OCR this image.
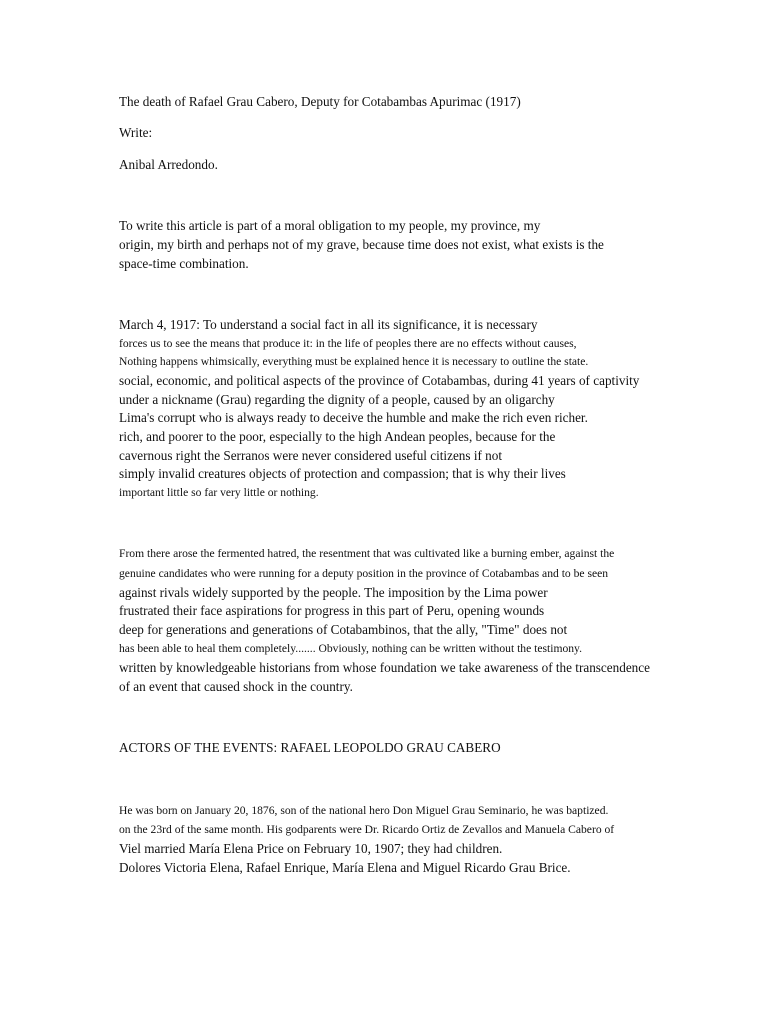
The death of Rafael Grau Cabero, Deputy for Cotabambas Apurimac (1917)
Write:
Anibal Arredondo.
To write this article is part of a moral obligation to my people, my province, my
origin, my birth and perhaps not of my grave, because time does not exist, what exists is the
space-time combination.
March 4, 1917: To understand a social fact in all its significance, it is necessary
forces us to see the means that produce it: in the life of peoples there are no effects without causes,
Nothing happens whimsically, everything must be explained hence it is necessary to outline the state.
social, economic, and political aspects of the province of Cotabambas, during 41 years of captivity
under a nickname (Grau) regarding the dignity of a people, caused by an oligarchy
Lima's corrupt who is always ready to deceive the humble and make the rich even richer.
rich, and poorer to the poor, especially to the high Andean peoples, because for the
cavernous right the Serranos were never considered useful citizens if not
simply invalid creatures objects of protection and compassion; that is why their lives
important little so far very little or nothing.
From there arose the fermented hatred, the resentment that was cultivated like a burning ember, against the
genuine candidates who were running for a deputy position in the province of Cotabambas and to be seen
against rivals widely supported by the people. The imposition by the Lima power
frustrated their face aspirations for progress in this part of Peru, opening wounds
deep for generations and generations of Cotabambinos, that the ally, "Time" does not
has been able to heal them completely....... Obviously, nothing can be written without the testimony.
written by knowledgeable historians from whose foundation we take awareness of the transcendence
of an event that caused shock in the country.
ACTORS OF THE EVENTS: RAFAEL LEOPOLDO GRAU CABERO
He was born on January 20, 1876, son of the national hero Don Miguel Grau Seminario, he was baptized.
on the 23rd of the same month. His godparents were Dr. Ricardo Ortiz de Zevallos and Manuela Cabero of
Viel married María Elena Price on February 10, 1907; they had children.
Dolores Victoria Elena, Rafael Enrique, María Elena and Miguel Ricardo Grau Brice.
